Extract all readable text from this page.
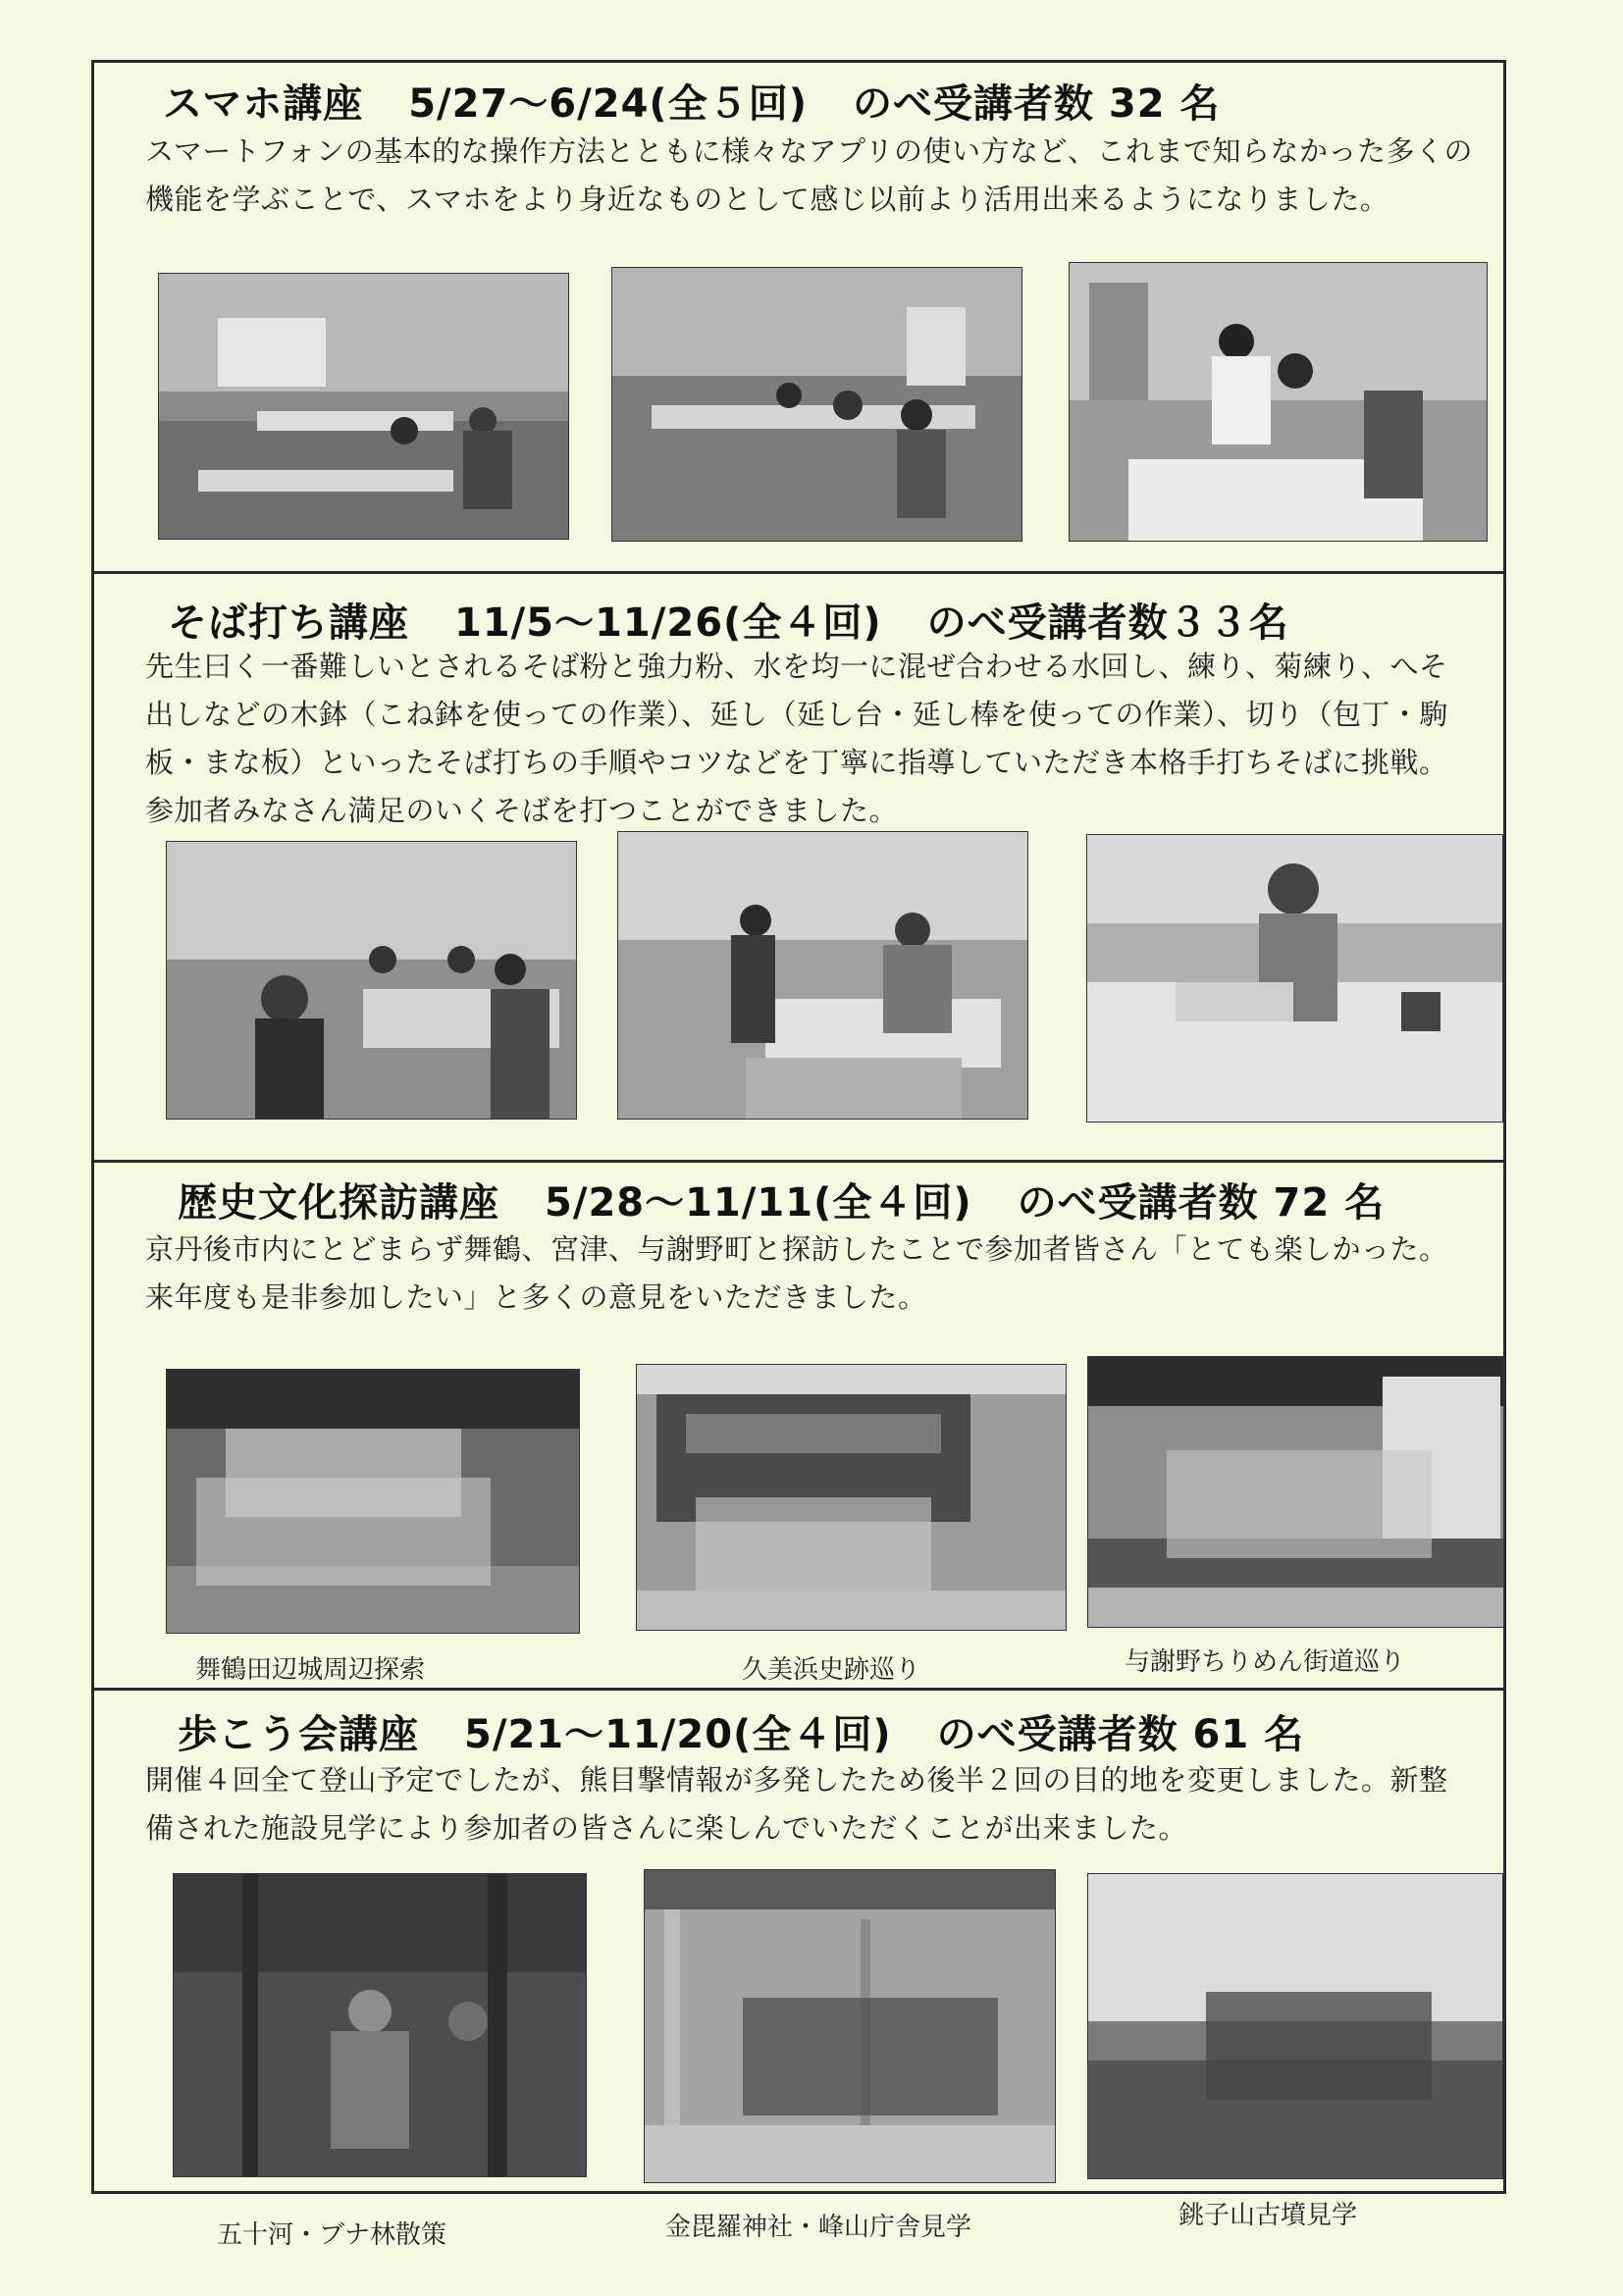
スマホ講座 5/27〜6/24(全５回) のべ受講者数 32 名
スマートフォンの基本的な操作方法とともに様々なアプリの使い方など、これまで知らなかった多くの機能を学ぶことで、スマホをより身近なものとして感じ以前より活用出来るようになりました。
そば打ち講座 11/5〜11/26(全４回) のべ受講者数３３名
先生曰く一番難しいとされるそば粉と強力粉、水を均一に混ぜ合わせる水回し、練り、菊練り、へそ出しなどの木鉢（こね鉢を使っての作業）、延し（延し台・延し棒を使っての作業）、切り（包丁・駒板・まな板）といったそば打ちの手順やコツなどを丁寧に指導していただき本格手打ちそばに挑戦。参加者みなさん満足のいくそばを打つことができました。
歴史文化探訪講座 5/28〜11/11(全４回) のべ受講者数 72 名
京丹後市内にとどまらず舞鶴、宮津、与謝野町と探訪したことで参加者皆さん「とても楽しかった。来年度も是非参加したい」と多くの意見をいただきました。
舞鶴田辺城周辺探索	久美浜史跡巡り	与謝野ちりめん街道巡り
歩こう会講座 5/21〜11/20(全４回) のべ受講者数 61 名
開催４回全て登山予定でしたが、熊目撃情報が多発したため後半２回の目的地を変更しました。新整備された施設見学により参加者の皆さんに楽しんでいただくことが出来ました。
五十河・ブナ林散策	金毘羅神社・峰山庁舎見学	銚子山古墳見学
